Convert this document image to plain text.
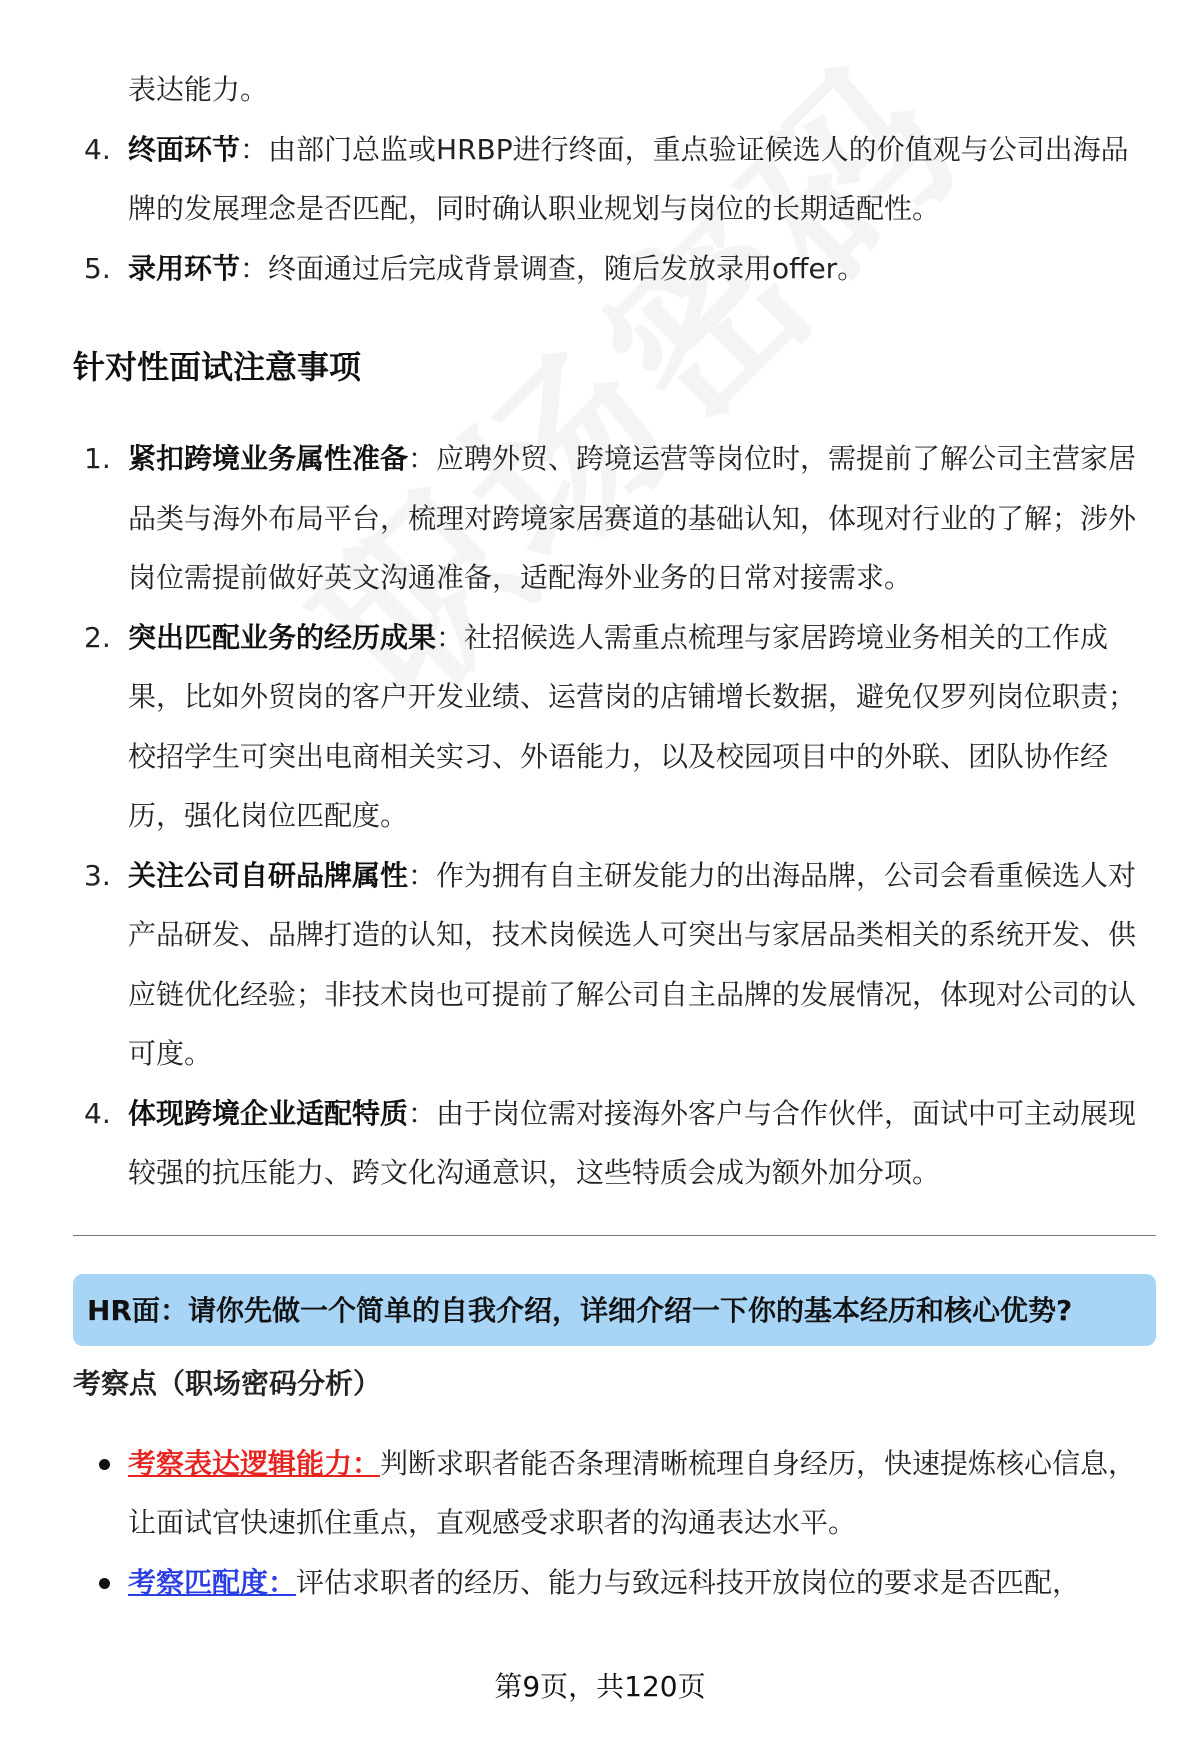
表达能力。
4. 终面环节：由部门总监或HRBP进行终面，重点验证候选人的价值观与公司出海品牌的发展理念是否匹配，同时确认职业规划与岗位的长期适配性。
5. 录用环节：终面通过后完成背景调查，随后发放录用offer。
针对性面试注意事项
1. 紧扣跨境业务属性准备：应聘外贸、跨境运营等岗位时，需提前了解公司主营家居品类与海外布局平台，梳理对跨境家居赛道的基础认知，体现对行业的了解；涉外岗位需提前做好英文沟通准备，适配海外业务的日常对接需求。
2. 突出匹配业务的经历成果：社招候选人需重点梳理与家居跨境业务相关的工作成果，比如外贸岗的客户开发业绩、运营岗的店铺增长数据，避免仅罗列岗位职责；校招学生可突出电商相关实习、外语能力，以及校园项目中的外联、团队协作经历，强化岗位匹配度。
3. 关注公司自研品牌属性：作为拥有自主研发能力的出海品牌，公司会看重候选人对产品研发、品牌打造的认知，技术岗候选人可突出与家居品类相关的系统开发、供应链优化经验；非技术岗也可提前了解公司自主品牌的发展情况，体现对公司的认可度。
4. 体现跨境企业适配特质：由于岗位需对接海外客户与合作伙伴，面试中可主动展现较强的抗压能力、跨文化沟通意识，这些特质会成为额外加分项。
HR面：请你先做一个简单的自我介绍，详细介绍一下你的基本经历和核心优势?
考察点（职场密码分析）
考察表达逻辑能力：判断求职者能否条理清晰梳理自身经历，快速提炼核心信息，让面试官快速抓住重点，直观感受求职者的沟通表达水平。
考察匹配度：评估求职者的经历、能力与致远科技开放岗位的要求是否匹配，
第9页，共120页
